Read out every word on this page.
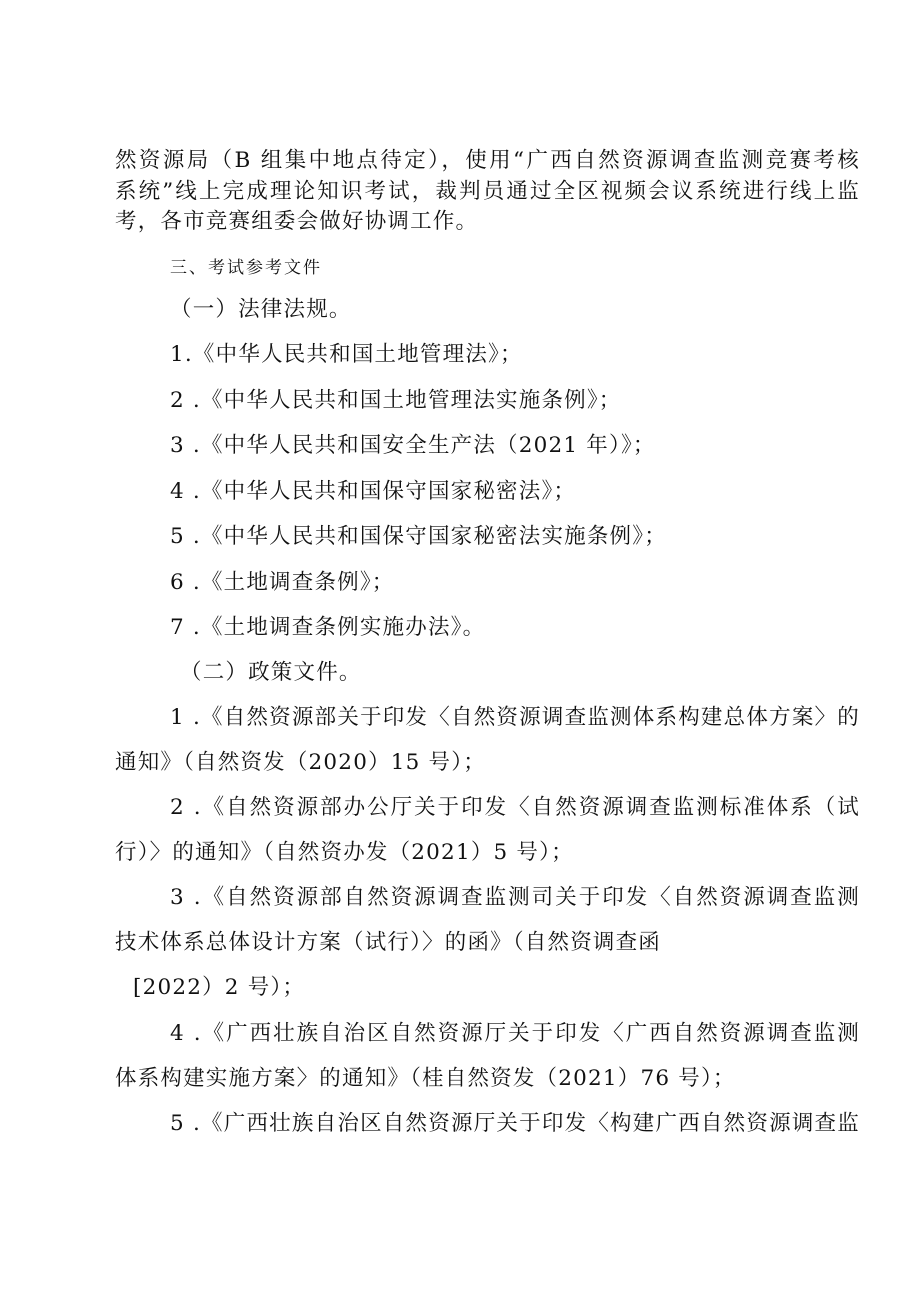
然资源局（B 组集中地点待定），使用“广西自然资源调查监测竞赛考核
系统”线上完成理论知识考试，裁判员通过全区视频会议系统进行线上监
考，各市竞赛组委会做好协调工作。
三、考试参考文件
（一）法律法规。
1.《中华人民共和国土地管理法》；
2 .《中华人民共和国土地管理法实施条例》；
3 .《中华人民共和国安全生产法（2021 年）》；
4 .《中华人民共和国保守国家秘密法》；
5 .《中华人民共和国保守国家秘密法实施条例》；
6 .《土地调查条例》；
7 .《土地调查条例实施办法》。
（二）政策文件。
1 .《自然资源部关于印发〈自然资源调查监测体系构建总体方案〉的
通知》（自然资发（2020）15 号）；
2 .《自然资源部办公厅关于印发〈自然资源调查监测标准体系（试
行）〉的通知》（自然资办发（2021）5 号）；
3 .《自然资源部自然资源调查监测司关于印发〈自然资源调查监测
技术体系总体设计方案（试行）〉的函》（自然资调查函
[2022）2 号）；
4 .《广西壮族自治区自然资源厅关于印发〈广西自然资源调查监测
体系构建实施方案〉的通知》（桂自然资发（2021）76 号）；
5 .《广西壮族自治区自然资源厅关于印发〈构建广西自然资源调查监
